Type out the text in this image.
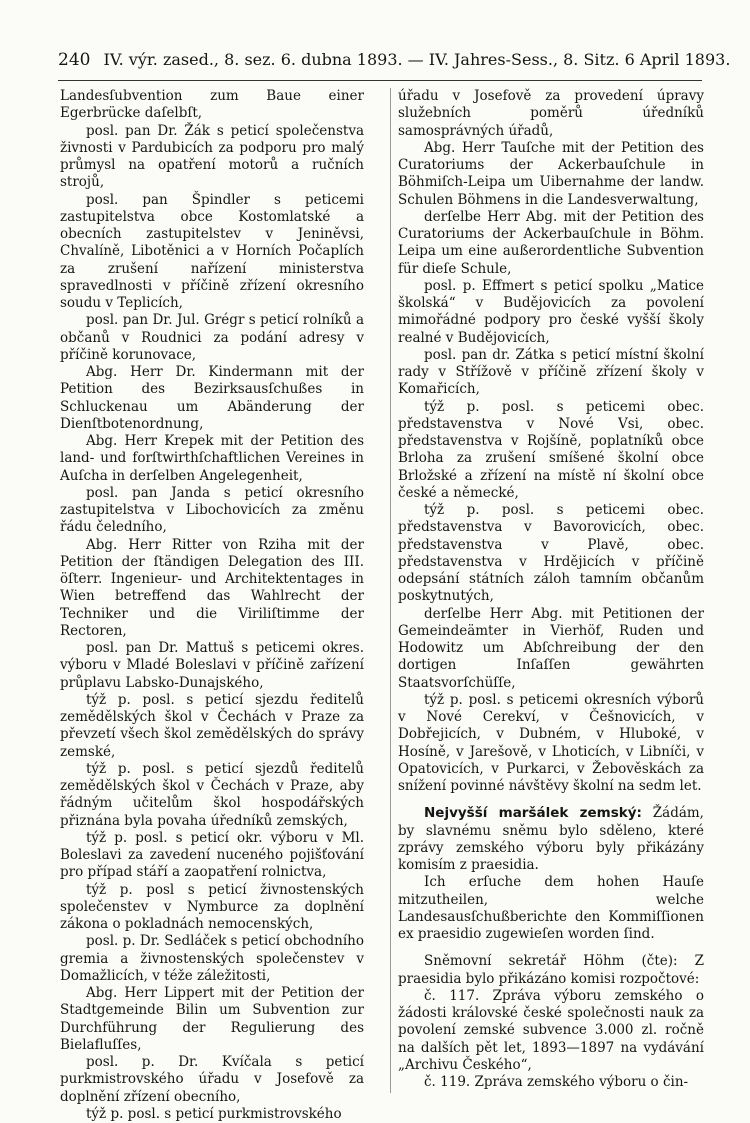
240 IV. výr. zased., 8. sez. 6. dubna 1893. — IV. Jahres-Sess., 8. Sitz. 6 April 1893.

Landesſubvention zum Baue einer Egerbrücke daſelbſt,

posl. pan Dr. Žák s peticí společenstva živnosti v Pardubicích za podporu pro malý průmysl na opatření motorů a ručních strojů,

posl. pan Špindler s peticemi zastupitelstva obce Kostomlatské a obecních zastupitelstev v Jeniněvsi, Chvalíně, Libotěnici a v Horních Počaplích za zrušení nařízení ministerstva spravedlnosti v příčině zřízení okresního soudu v Teplicích,

posl. pan Dr. Jul. Grégr s peticí rolníků a občanů v Roudnici za podání adresy v příčině korunovace,

Abg. Herr Dr. Kindermann mit der Petition des Bezirksausſchußes in Schluckenau um Abänderung der Dienſtbotenordnung,

Abg. Herr Krepek mit der Petition des land- und forſtwirthſchaftlichen Vereines in Auſcha in derſelben Angelegenheit,

posl. pan Janda s peticí okresního zastupitelstva v Libochovicích za změnu řádu čeledního,

Abg. Herr Ritter von Rziha mit der Petition der ſtändigen Delegation des III. öſterr. Ingenieur- und Architektentages in Wien betreffend das Wahlrecht der Techniker und die Viriliſtimme der Rectoren,

posl. pan Dr. Mattuš s peticemi okres. výboru v Mladé Boleslavi v příčině zařízení průplavu Labsko-Dunajského,

týž p. posl. s peticí sjezdu ředitelů zemědělských škol v Čechách v Praze za převzetí všech škol zemědělských do správy zemské,

týž p. posl. s peticí sjezdů ředitelů zemědělských škol v Čechách v Praze, aby řádným učitelům škol hospodářských přiznána byla povaha úředníků zemských,

týž p. posl. s peticí okr. výboru v Ml. Boleslavi za zavedení nuceného pojišťování pro případ stáří a zaopatření rolnictva,

týž p. posl s peticí živnostenských společenstev v Nymburce za doplnění zákona o pokladnách nemocenských,

posl. p. Dr. Sedláček s peticí obchodního gremia a živnostenských společenstev v Domažlicích, v téže záležitosti,

Abg. Herr Lippert mit der Petition der Stadtgemeinde Bilin um Subvention zur Durchführung der Regulierung des Bielafluſſes,

posl. p. Dr. Kvíčala s peticí purkmistrovského úřadu v Josefově za doplnění zřízení obecního,

týž p. posl. s peticí purkmistrovského

úřadu v Josefově za provedení úpravy služebních poměrů úředníků samosprávných úřadů,

Abg. Herr Tauſche mit der Petition des Curatoriums der Ackerbauſchule in Böhmiſch-Leipa um Uibernahme der landw. Schulen Böhmens in die Landesverwaltung,

derſelbe Herr Abg. mit der Petition des Curatoriums der Ackerbauſchule in Böhm. Leipa um eine außerordentliche Subvention für dieſe Schule,

posl. p. Effmert s peticí spolku „Matice školská“ v Budějovicích za povolení mimořádné podpory pro české vyšší školy realné v Budějovicích,

posl. pan dr. Zátka s peticí místní školní rady v Střížově v příčině zřízení školy v Komařicích,

týž p. posl. s peticemi obec. představenstva v Nové Vsi, obec. představenstva v Rojšíně, poplatníků obce Brloha za zrušení smíšené školní obce Brložské a zřízení na místě ní školní obce české a německé,

týž p. posl. s peticemi obec. představenstva v Bavorovicích, obec. představenstva v Plavě, obec. představenstva v Hrdějicích v příčině odepsání státních záloh tamním občanům poskytnutých,

derſelbe Herr Abg. mit Petitionen der Gemeindeämter in Vierhöf, Ruden und Hodowitz um Abſchreibung der den dortigen Inſaſſen gewährten Staatsvorſchüſſe,

týž p. posl. s peticemi okresních výborů v Nové Cerekví, v Češnovicích, v Dobřejicích, v Dubném, v Hluboké, v Hosíně, v Jarešově, v Lhoticích, v Libníči, v Opatovicích, v Purkarci, v Žebověskách za snížení povinné návštěvy školní na sedm let.

Nejvyšší maršálek zemský: Žádám, by slavnému sněmu bylo sděleno, které zprávy zemského výboru byly přikázány komisím z praesidia.

Ich erſuche dem hohen Hauſe mitzutheilen, welche Landesausſchußberichte den Kommiſſionen ex praesidio zugewieſen worden ſind.

Sněmovní sekretář Höhm (čte): Z praesidia bylo přikázáno komisi rozpočtové:

č. 117. Zpráva výboru zemského o žádosti královské české společnosti nauk za povolení zemské subvence 3.000 zl. ročně na dalších pět let, 1893—1897 na vydávání „Archivu Českého“,

č. 119. Zpráva zemského výboru o čin-
